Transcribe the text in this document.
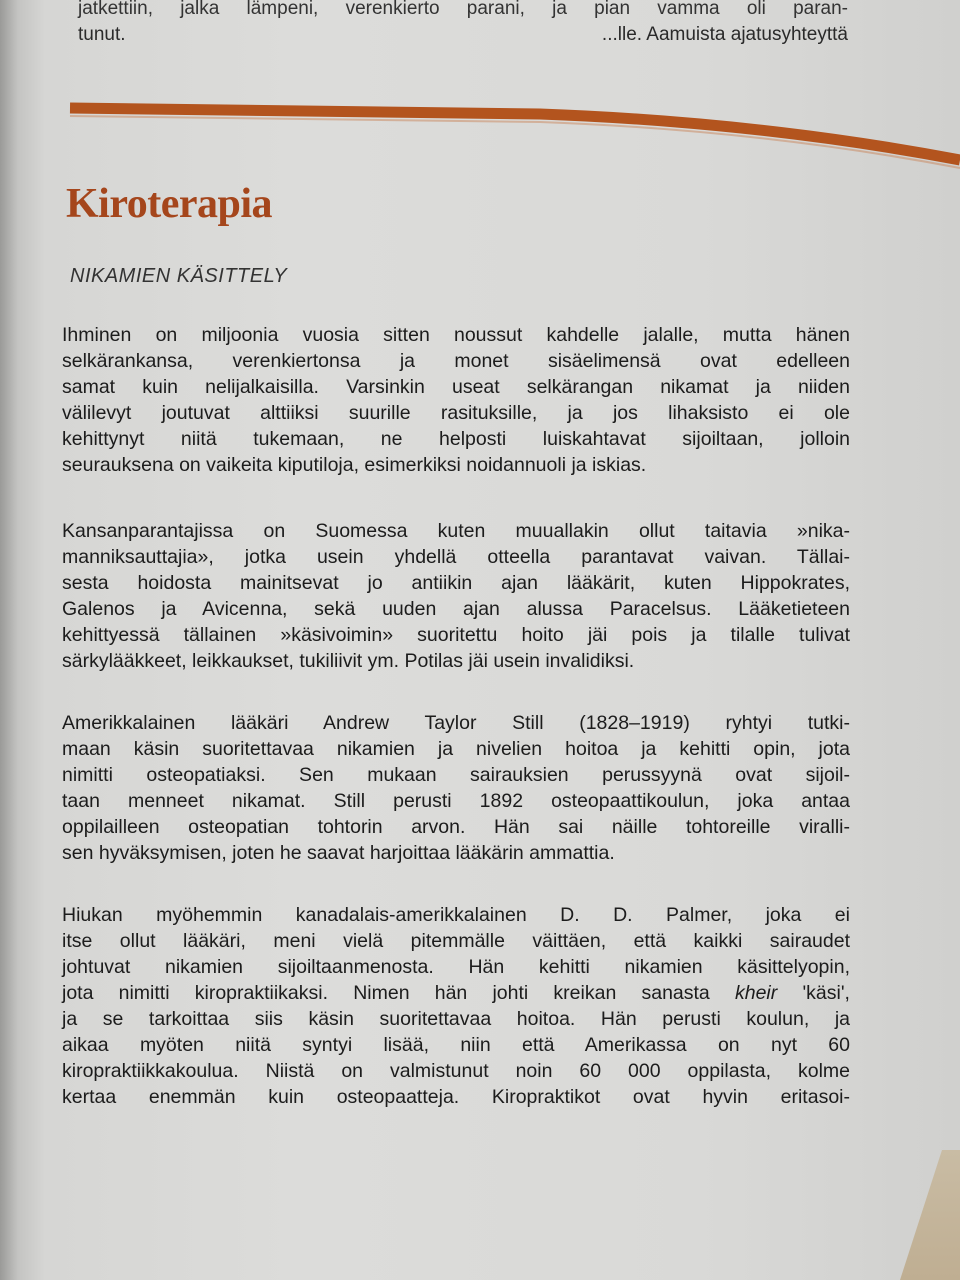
jatkettiin, jalka lämpeni, verenkierto parani, ja pian vamma oli paran-
tunut.	...lle. Aamuista ajatusyhteyttä
Kiroterapia
NIKAMIEN KÄSITTELY
Ihminen on miljoonia vuosia sitten noussut kahdelle jalalle, mutta hänen
selkärankansa, verenkiertonsa ja monet sisäelimensä ovat edelleen
samat kuin nelijalkaisilla. Varsinkin useat selkärangan nikamat ja niiden
välilevyt joutuvat alttiiksi suurille rasituksille, ja jos lihaksisto ei ole
kehittynyt niitä tukemaan, ne helposti luiskahtavat sijoiltaan, jolloin
seurauksena on vaikeita kiputiloja, esimerkiksi noidannuoli ja iskias.
Kansanparantajissa on Suomessa kuten muuallakin ollut taitavia »nika-
manniksauttajia», jotka usein yhdellä otteella parantavat vaivan. Tällai-
sesta hoidosta mainitsevat jo antiikin ajan lääkärit, kuten Hippokrates,
Galenos ja Avicenna, sekä uuden ajan alussa Paracelsus. Lääketieteen
kehittyessä tällainen »käsivoimin» suoritettu hoito jäi pois ja tilalle tulivat
särkylääkkeet, leikkaukset, tukiliivit ym. Potilas jäi usein invalidiksi.
Amerikkalainen lääkäri Andrew Taylor Still (1828–1919) ryhtyi tutki-
maan käsin suoritettavaa nikamien ja nivelien hoitoa ja kehitti opin, jota
nimitti osteopatiaksi. Sen mukaan sairauksien perussyynä ovat sijoil-
taan menneet nikamat. Still perusti 1892 osteopaattikoulun, joka antaa
oppilailleen osteopatian tohtorin arvon. Hän sai näille tohtoreille viralli-
sen hyväksymisen, joten he saavat harjoittaa lääkärin ammattia.
Hiukan myöhemmin kanadalais-amerikkalainen D. D. Palmer, joka ei
itse ollut lääkäri, meni vielä pitemmälle väittäen, että kaikki sairaudet
johtuvat nikamien sijoiltaanmenosta. Hän kehitti nikamien käsittelyopin,
jota nimitti kiropraktiikaksi. Nimen hän johti kreikan sanasta kheir 'käsi',
ja se tarkoittaa siis käsin suoritettavaa hoitoa. Hän perusti koulun, ja
aikaa myöten niitä syntyi lisää, niin että Amerikassa on nyt 60
kiropraktiikkakoulua. Niistä on valmistunut noin 60 000 oppilasta, kolme
kertaa enemmän kuin osteopaatteja. Kiropraktikot ovat hyvin eritasoi-
